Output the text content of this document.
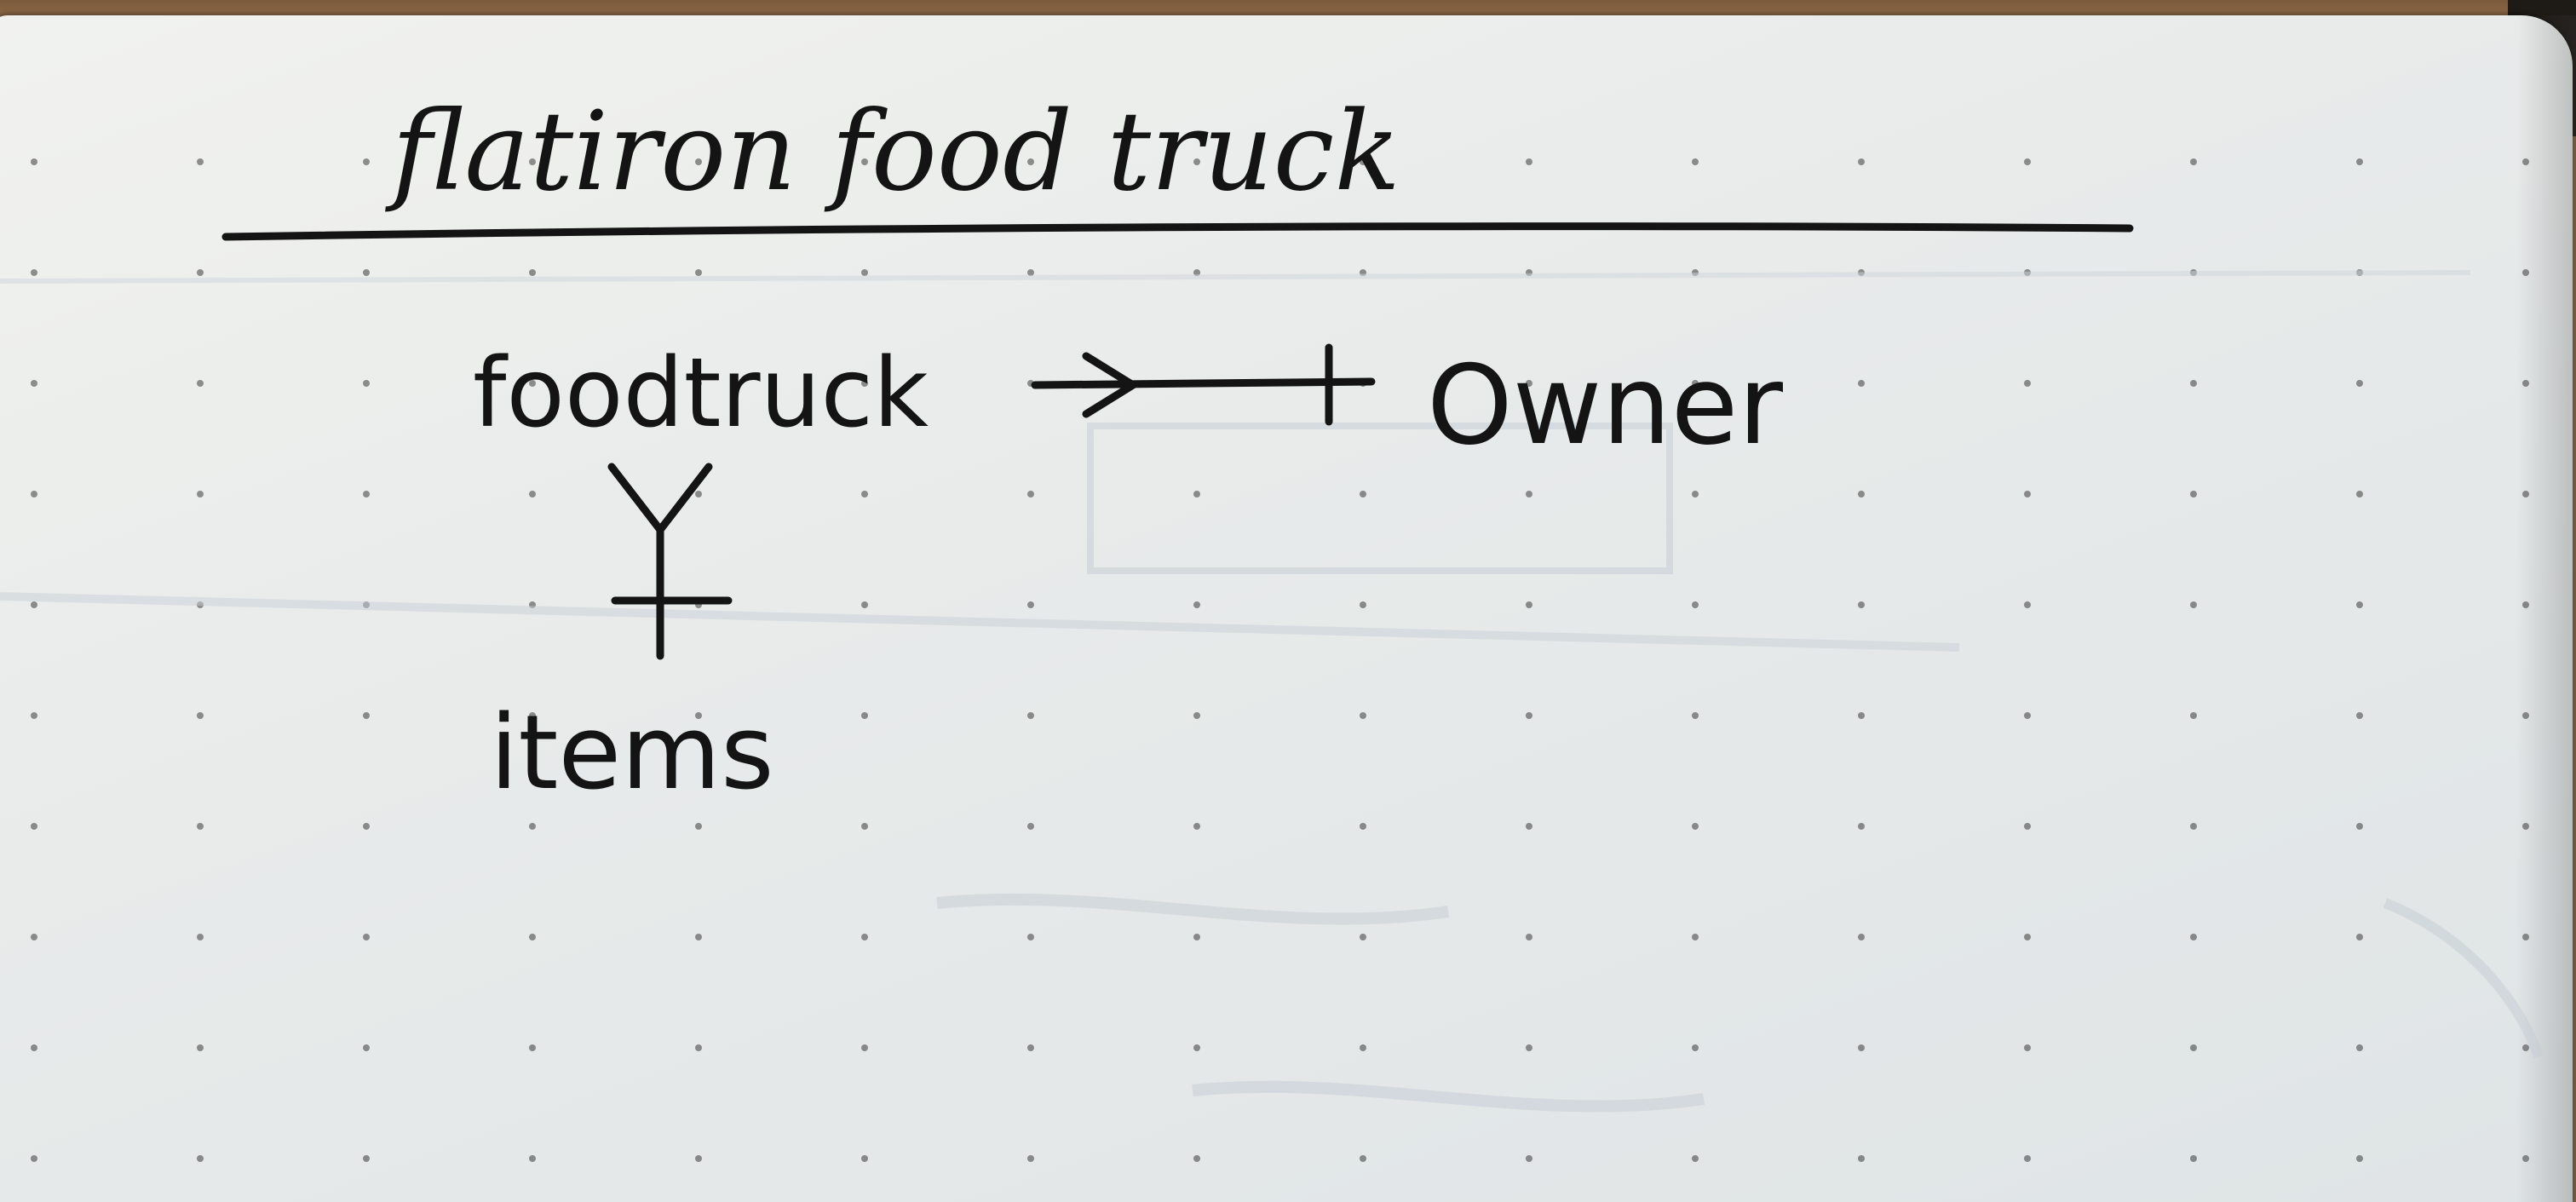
flatiron food truck
foodtruck	Owner
items
